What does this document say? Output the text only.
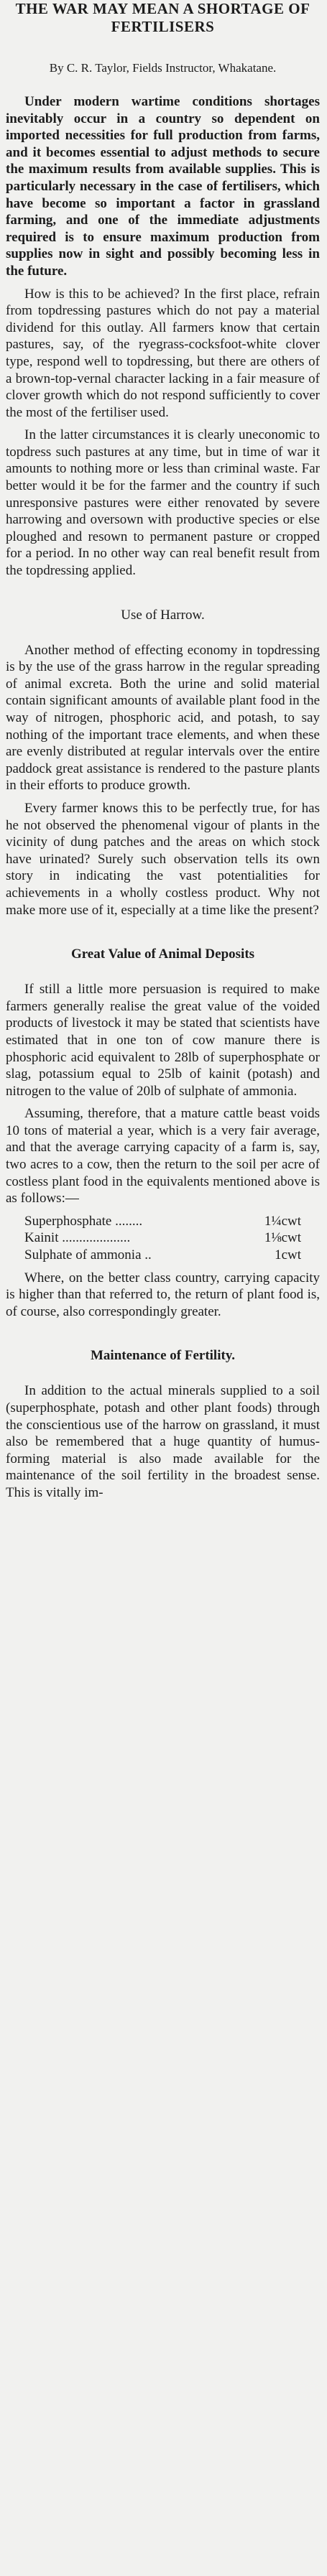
THE WAR MAY MEAN A SHORTAGE OF FERTILISERS
By C. R. Taylor, Fields Instructor, Whakatane.

Under modern wartime conditions shortages inevitably occur in a country so dependent on imported necessities for full production from farms, and it becomes essential to adjust methods to secure the maximum results from available supplies. This is particularly necessary in the case of fertilisers, which have become so important a factor in grassland farming, and one of the immediate adjustments required is to ensure maximum production from supplies now in sight and possibly becoming less in the future.

How is this to be achieved? In the first place, refrain from topdressing pastures which do not pay a material dividend for this outlay. All farmers know that certain pastures, say, of the ryegrass-cocksfoot-white clover type, respond well to topdressing, but there are others of a brown-top-vernal character lacking in a fair measure of clover growth which do not respond sufficiently to cover the most of the fertiliser used.

In the latter circumstances it is clearly uneconomic to topdress such pastures at any time, but in time of war it amounts to nothing more or less than criminal waste. Far better would it be for the farmer and the country if such unresponsive pastures were either renovated by severe harrowing and oversown with productive species or else ploughed and resown to permanent pasture or cropped for a period. In no other way can real benefit result from the topdressing applied.

Use of Harrow.

Another method of effecting economy in topdressing is by the use of the grass harrow in the regular spreading of animal excreta. Both the urine and solid material contain significant amounts of available plant food in the way of nitrogen, phosphoric acid, and potash, to say nothing of the important trace elements, and when these are evenly distributed at regular intervals over the entire paddock great assistance is rendered to the pasture plants in their efforts to produce growth.

Every farmer knows this to be perfectly true, for has he not observed the phenomenal vigour of plants in the vicinity of dung patches and the areas on which stock have urinated? Surely such observation tells its own story in indicating the vast potentialities for achievements in a wholly costless product. Why not make more use of it, especially at a time like the present?

Great Value of Animal Deposits

If still a little more persuasion is required to make farmers generally realise the great value of the voided products of livestock it may be stated that scientists have estimated that in one ton of cow manure there is phosphoric acid equivalent to 28lb of superphosphate or slag, potassium equal to 25lb of kainit (potash) and nitrogen to the value of 20lb of sulphate of ammonia.

Assuming, therefore, that a mature cattle beast voids 10 tons of material a year, which is a very fair average, and that the average carrying capacity of a farm is, say, two acres to a cow, then the return to the soil per acre of costless plant food in the equivalents mentioned above is as follows:—

Superphosphate ........	1¼cwt
Kainit ....................	1⅛cwt
Sulphate of ammonia ..	1cwt

Where, on the better class country, carrying capacity is higher than that referred to, the return of plant food is, of course, also correspondingly greater.

Maintenance of Fertility.

In addition to the actual minerals supplied to a soil (superphosphate, potash and other plant foods) through the conscientious use of the harrow on grassland, it must also be remembered that a huge quantity of humus-forming material is also made available for the maintenance of the soil fertility in the broadest sense. This is vitally im-
